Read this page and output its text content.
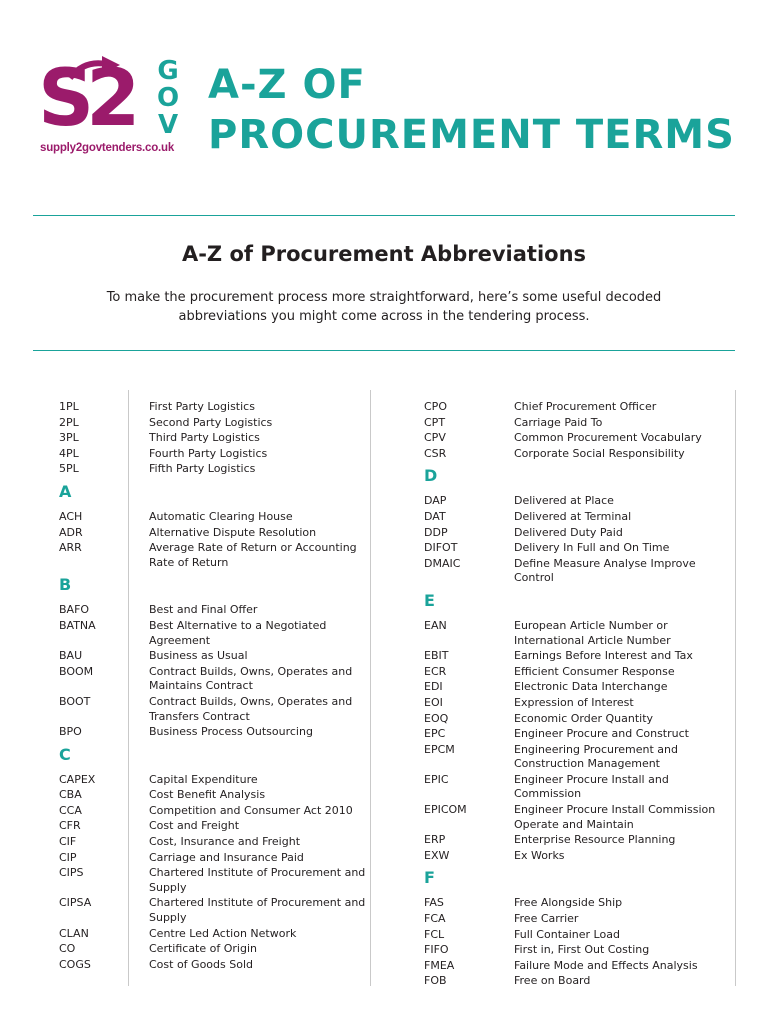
S2 G
O
V
supply2govtenders.co.uk
A-Z OF
PROCUREMENT TERMS
A-Z of Procurement Abbreviations
To make the procurement process more straightforward, here’s some useful decoded abbreviations you might come across in the tendering process.
1PL	First Party Logistics
2PL	Second Party Logistics
3PL	Third Party Logistics
4PL	Fourth Party Logistics
5PL	Fifth Party Logistics
A
ACH	Automatic Clearing House
ADR	Alternative Dispute Resolution
ARR	Average Rate of Return or Accounting Rate of Return
B
BAFO	Best and Final Offer
BATNA	Best Alternative to a Negotiated Agreement
BAU	Business as Usual
BOOM	Contract Builds, Owns, Operates and Maintains Contract
BOOT	Contract Builds, Owns, Operates and Transfers Contract
BPO	Business Process Outsourcing
C
CAPEX	Capital Expenditure
CBA	Cost Benefit Analysis
CCA	Competition and Consumer Act 2010
CFR	Cost and Freight
CIF	Cost, Insurance and Freight
CIP	Carriage and Insurance Paid
CIPS	Chartered Institute of Procurement and Supply
CIPSA	Chartered Institute of Procurement and Supply
CLAN	Centre Led Action Network
CO	Certificate of Origin
COGS	Cost of Goods Sold
CPO	Chief Procurement Officer
CPT	Carriage Paid To
CPV	Common Procurement Vocabulary
CSR	Corporate Social Responsibility
D
DAP	Delivered at Place
DAT	Delivered at Terminal
DDP	Delivered Duty Paid
DIFOT	Delivery In Full and On Time
DMAIC	Define Measure Analyse Improve Control
E
EAN	European Article Number or International Article Number
EBIT	Earnings Before Interest and Tax
ECR	Efficient Consumer Response
EDI	Electronic Data Interchange
EOI	Expression of Interest
EOQ	Economic Order Quantity
EPC	Engineer Procure and Construct
EPCM	Engineering Procurement and Construction Management
EPIC	Engineer Procure Install and Commission
EPICOM	Engineer Procure Install Commission Operate and Maintain
ERP	Enterprise Resource Planning
EXW	Ex Works
F
FAS	Free Alongside Ship
FCA	Free Carrier
FCL	Full Container Load
FIFO	First in, First Out Costing
FMEA	Failure Mode and Effects Analysis
FOB	Free on Board
